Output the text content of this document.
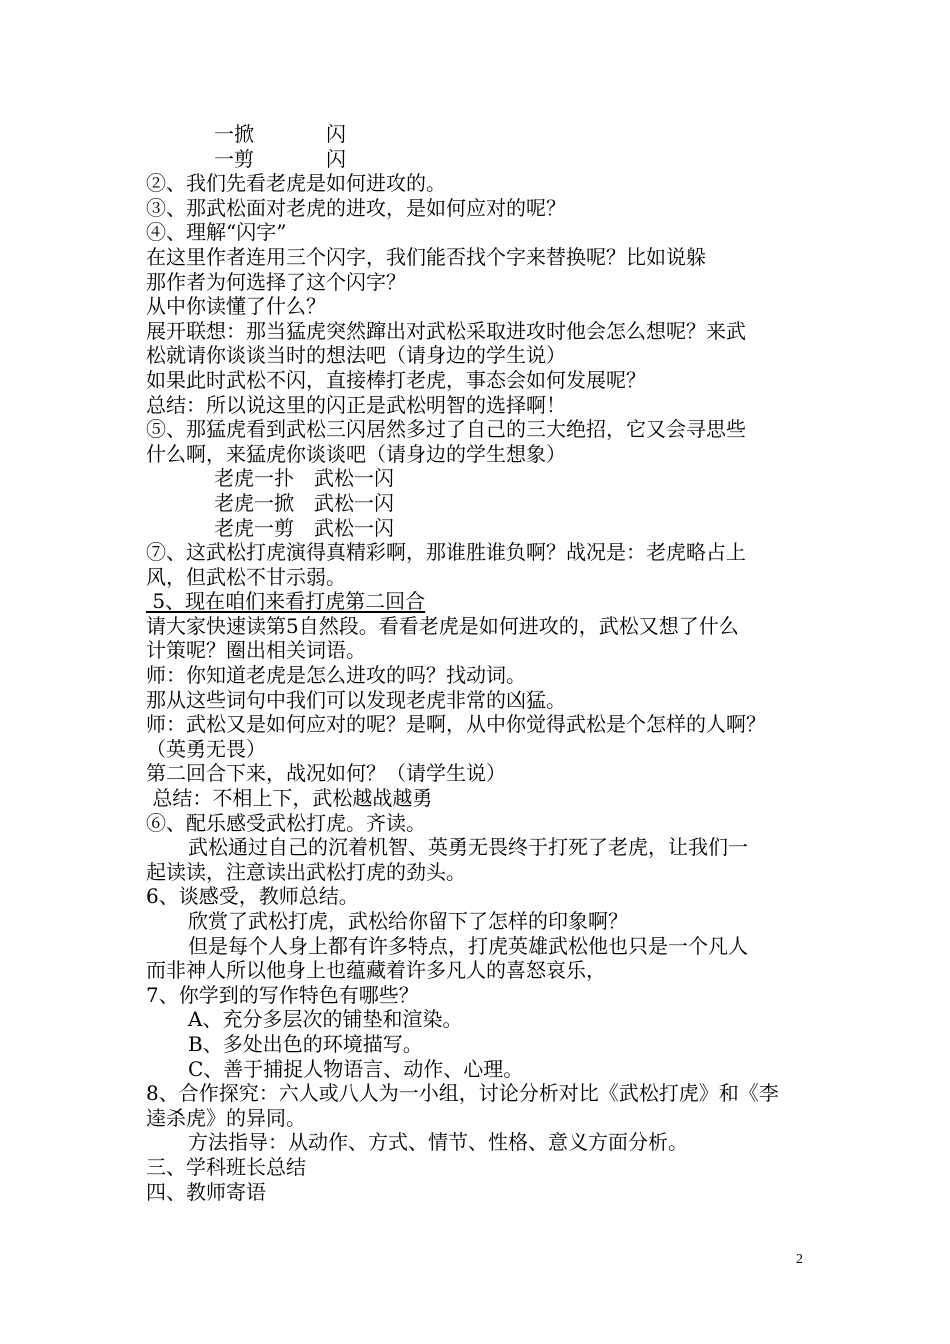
一掀	闪
一剪	闪
②、我们先看老虎是如何进攻的。
③、那武松面对老虎的进攻，是如何应对的呢？
④、理解“闪字”
在这里作者连用三个闪字，我们能否找个字来替换呢？比如说躲
那作者为何选择了这个闪字？
从中你读懂了什么？
展开联想：那当猛虎突然蹿出对武松采取进攻时他会怎么想呢？来武
松就请你谈谈当时的想法吧（请身边的学生说）
如果此时武松不闪，直接棒打老虎，事态会如何发展呢？
总结：所以说这里的闪正是武松明智的选择啊！
⑤、那猛虎看到武松三闪居然多过了自己的三大绝招，它又会寻思些
什么啊，来猛虎你谈谈吧（请身边的学生想象）
老虎一扑　武松一闪
老虎一掀　武松一闪
老虎一剪　武松一闪
⑦、这武松打虎演得真精彩啊，那谁胜谁负啊？战况是：老虎略占上
风，但武松不甘示弱。
5、现在咱们来看打虎第二回合
请大家快速读第5自然段。看看老虎是如何进攻的，武松又想了什么
计策呢？圈出相关词语。
师：你知道老虎是怎么进攻的吗？找动词。
那从这些词句中我们可以发现老虎非常的凶猛。
师：武松又是如何应对的呢？是啊，从中你觉得武松是个怎样的人啊？
（英勇无畏）
第二回合下来，战况如何？（请学生说）
总结：不相上下，武松越战越勇
⑥、配乐感受武松打虎。齐读。
武松通过自己的沉着机智、英勇无畏终于打死了老虎，让我们一
起读读，注意读出武松打虎的劲头。
6、谈感受，教师总结。
欣赏了武松打虎，武松给你留下了怎样的印象啊？
但是每个人身上都有许多特点，打虎英雄武松他也只是一个凡人
而非神人所以他身上也蕴藏着许多凡人的喜怒哀乐，
7、你学到的写作特色有哪些？
A、充分多层次的铺垫和渲染。
B、多处出色的环境描写。
C、善于捕捉人物语言、动作、心理。
8、合作探究：六人或八人为一小组，讨论分析对比《武松打虎》和《李
逵杀虎》的异同。
方法指导：从动作、方式、情节、性格、意义方面分析。
三、学科班长总结
四、教师寄语
2
